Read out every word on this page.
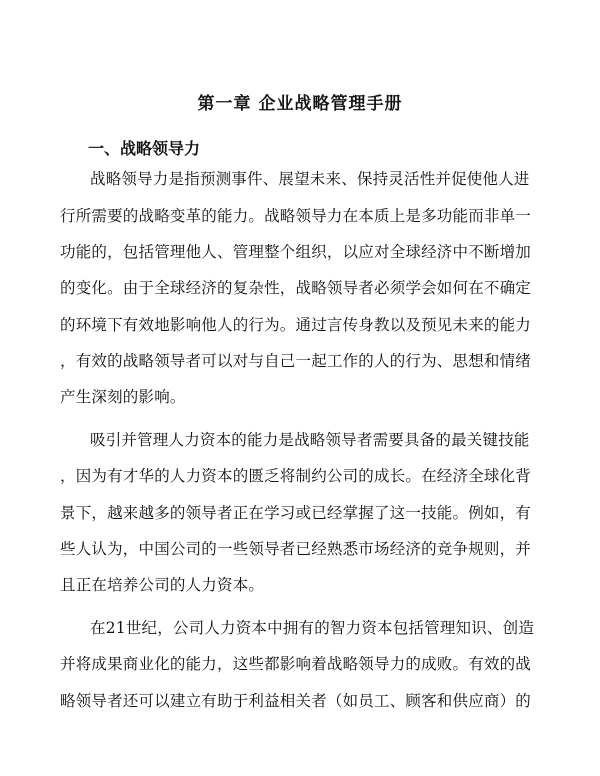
第一章 企业战略管理手册
一、战略领导力
战略领导力是指预测事件、展望未来、保持灵活性并促使他人进
行所需要的战略变革的能力。战略领导力在本质上是多功能而非单一
功能的，包括管理他人、管理整个组织，以应对全球经济中不断增加
的变化。由于全球经济的复杂性，战略领导者必须学会如何在不确定
的环境下有效地影响他人的行为。通过言传身教以及预见未来的能力
，有效的战略领导者可以对与自己一起工作的人的行为、思想和情绪
产生深刻的影响。
吸引并管理人力资本的能力是战略领导者需要具备的最关键技能
，因为有才华的人力资本的匮乏将制约公司的成长。在经济全球化背
景下，越来越多的领导者正在学习或已经掌握了这一技能。例如，有
些人认为，中国公司的一些领导者已经熟悉市场经济的竞争规则，并
且正在培养公司的人力资本。
在21世纪，公司人力资本中拥有的智力资本包括管理知识、创造
并将成果商业化的能力，这些都影响着战略领导力的成败。有效的战
略领导者还可以建立有助于利益相关者（如员工、顾客和供应商）的
